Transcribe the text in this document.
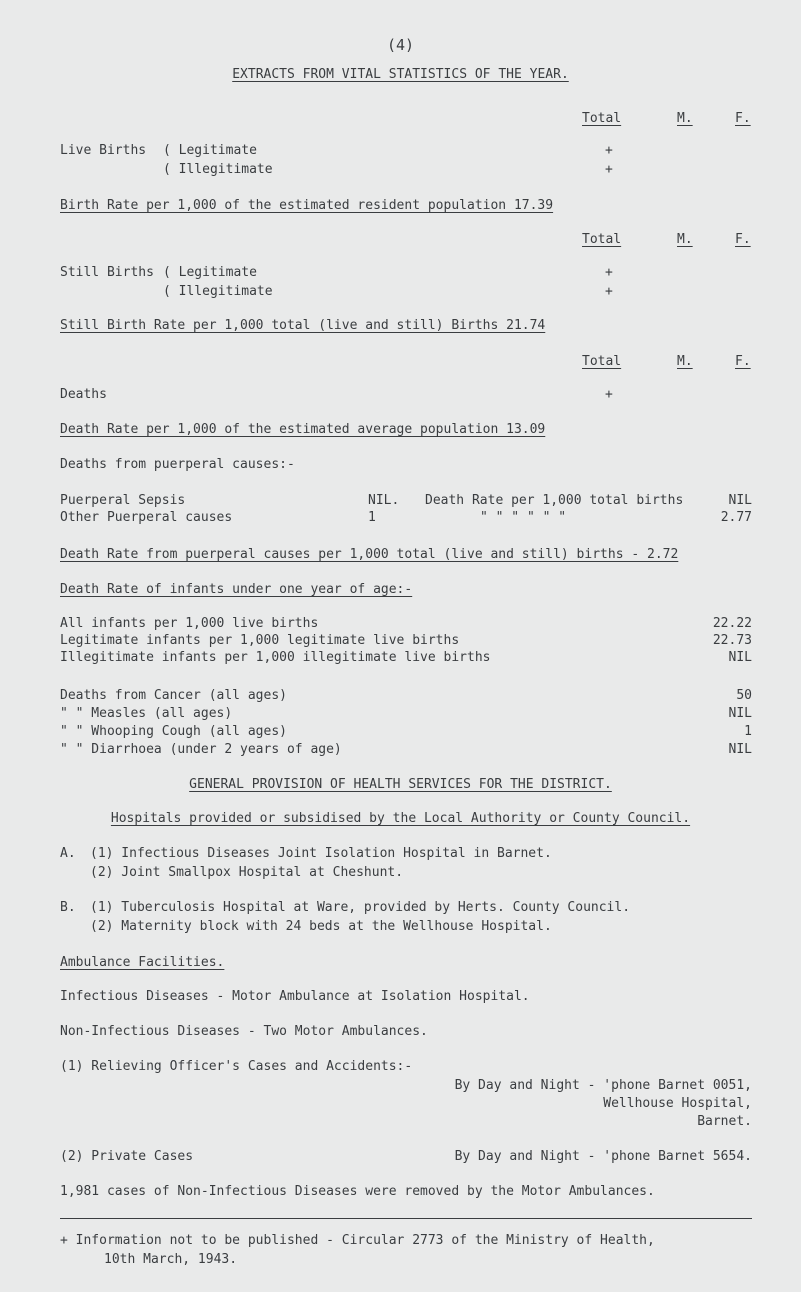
(4)
EXTRACTS FROM VITAL STATISTICS OF THE YEAR.
Total	M.	F.
Live Births ( Legitimate	+
( Illegitimate	+
Birth Rate per 1,000 of the estimated resident population 17.39
Total	M.	F.
Still Births ( Legitimate	+
( Illegitimate	+
Still Birth Rate per 1,000 total (live and still) Births 21.74
Total	M.	F.
Deaths	+
Death Rate per 1,000 of the estimated average population 13.09
Deaths from puerperal causes:-
Puerperal Sepsis	NIL. Death Rate per 1,000 total births	NIL
Other Puerperal causes	1	" " " " " "	2.77
Death Rate from puerperal causes per 1,000 total (live and still) births - 2.72
Death Rate of infants under one year of age:-
All infants per 1,000 live births	22.22
Legitimate infants per 1,000 legitimate live births	22.73
Illegitimate infants per 1,000 illegitimate live births	NIL
Deaths from Cancer (all ages)	50
" " Measles (all ages)	NIL
" " Whooping Cough (all ages)	1
" " Diarrhoea (under 2 years of age)	NIL
GENERAL PROVISION OF HEALTH SERVICES FOR THE DISTRICT.
Hospitals provided or subsidised by the Local Authority or County Council.
A. (1) Infectious Diseases Joint Isolation Hospital in Barnet.
(2) Joint Smallpox Hospital at Cheshunt.
B. (1) Tuberculosis Hospital at Ware, provided by Herts. County Council.
(2) Maternity block with 24 beds at the Wellhouse Hospital.
Ambulance Facilities.
Infectious Diseases - Motor Ambulance at Isolation Hospital.
Non-Infectious Diseases - Two Motor Ambulances.
(1) Relieving Officer's Cases and Accidents:-
By Day and Night - 'phone Barnet 0051,
Wellhouse Hospital,
Barnet.
(2) Private Cases	By Day and Night - 'phone Barnet 5654.
1,981 cases of Non-Infectious Diseases were removed by the Motor Ambulances.
+ Information not to be published - Circular 2773 of the Ministry of Health,
10th March, 1943.
